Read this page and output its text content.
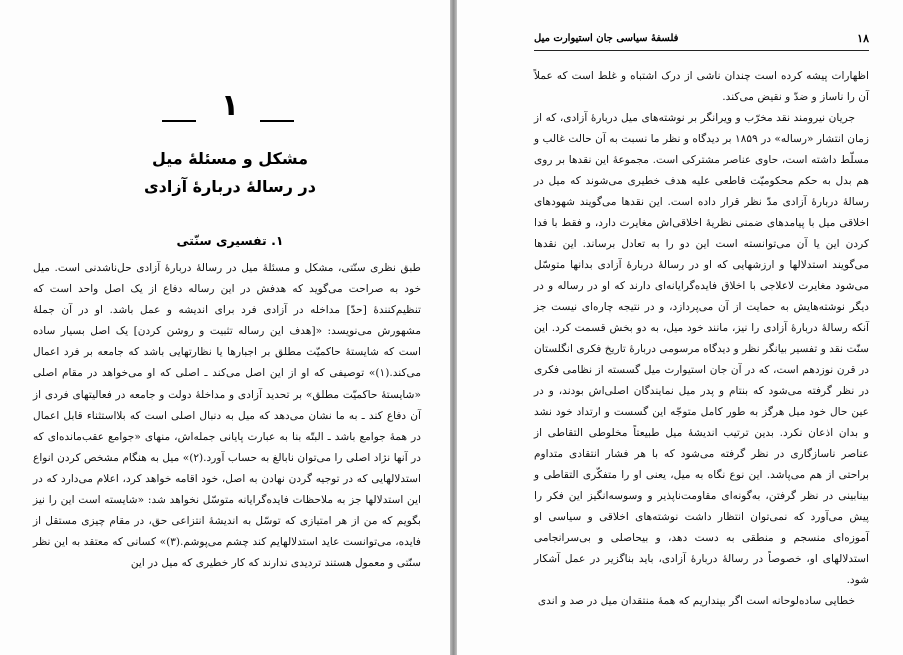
۱
مشکل و مسئلهٔ میل
در رسالهٔ دربارهٔ آزادی
۱. تفسیری سنّتی

طبق نظری سنّتی، مشکل و مسئلهٔ میل در رسالهٔ دربارهٔ آزادی حل‌ناشدنی است. میل خود به صراحت می‌گوید که هدفش در این رساله دفاع از یک اصل واحد است که تنظیم‌کنندهٔ [حدّ] مداخله در آزادی فرد برای اندیشه و عمل باشد. او در آن جملهٔ مشهورش می‌نویسد: «[هدف این رساله تثبیت و روشن کردن] یک اصل بسیار ساده است که شایستهٔ حاکمیّت مطلق بر اجبارها یا نظارتهایی باشد که جامعه بر فرد اعمال می‌کند.(۱)» توصیفی که او از این اصل می‌کند ـ اصلی که او می‌خواهد در مقام اصلی «شایستهٔ حاکمیّت مطلق» بر تحدید آزادی و مداخلهٔ دولت و جامعه در فعالیتهای فردی از آن دفاع کند ـ به ما نشان می‌دهد که میل به دنبال اصلی است که بلااستثناء قابل اعمال در همهٔ جوامع باشد ـ البتّه بنا به عبارت پایانی جمله‌اش، منهای «جوامع عقب‌مانده‌ای که در آنها نژاد اصلی را می‌توان نابالغ به حساب آورد.(۲)» میل به هنگام مشخص کردن انواع استدلالهایی که در توجیه گردن نهادن به اصل، خود اقامه خواهد کرد، اعلام می‌دارد که در این استدلالها جز به ملاحظات فایده‌گرایانه متوسّل نخواهد شد: «شایسته است این را نیز بگویم که من از هر امتیازی که توسّل به اندیشهٔ انتزاعی حق، در مقام چیزی مستقل از فایده، می‌توانست عاید استدلالهایم کند چشم می‌پوشم.(۳)» کسانی که معتقد به این نظر سنّتی و معمول هستند تردیدی ندارند که کار خطیری که میل در این

۱۸
فلسفهٔ سیاسی جان استیوارت میل

اظهارات پیشه کرده است چندان ناشی از درک اشتباه و غلط است که عملاً آن را ناساز و ضدّ و نقیض می‌کند.

جریان نیرومند نقد مخرّب و ویرانگر بر نوشته‌های میل دربارهٔ آزادی، که از زمان انتشار «رساله» در ۱۸۵۹ بر دیدگاه و نظر ما نسبت به آن حالت غالب و مسلّط داشته است، حاوی عناصر مشترکی است. مجموعهٔ این نقدها بر روی هم بدل به حکم محکومیّت قاطعی علیه هدف خطیری می‌شوند که میل در رسالهٔ دربارهٔ آزادی مدّ نظر قرار داده است. این نقدها می‌گویند شهودهای اخلاقی میل با پیامدهای ضمنی نظریهٔ اخلاقی‌اش مغایرت دارد، و فقط با فدا کردن این یا آن می‌توانسته است این دو را به تعادل برساند. این نقدها می‌گویند استدلالها و ارزشهایی که او در رسالهٔ دربارهٔ آزادی بدانها متوسّل می‌شود مغایرت لاعلاجی با اخلاق فایده‌گرایانه‌ای دارند که او در رساله و در دیگر نوشته‌هایش به حمایت از آن می‌پردازد، و در نتیجه چاره‌ای نیست جز آنکه رسالهٔ دربارهٔ آزادی را نیز، مانند خود میل، به دو بخش قسمت کرد. این سنّت نقد و تفسیر بیانگر نظر و دیدگاه مرسومی دربارهٔ تاریخ فکری انگلستان در قرن نوزدهم است، که در آن جان استیوارت میل گسسته از نظامی فکری در نظر گرفته می‌شود که بنتام و پدر میل نمایندگان اصلی‌اش بودند، و در عین حال خود میل هرگز به طور کامل متوجّه این گسست و ارتداد خود نشد و بدان اذعان نکرد. بدین ترتیب اندیشهٔ میل طبیعتاً مخلوطی التقاطی از عناصر ناسازگاری در نظر گرفته می‌شود که با هر فشار انتقادی متداوم براحتی از هم می‌پاشد. این نوع نگاه به میل، یعنی او را متفکّری التقاطی و بینابینی در نظر گرفتن، به‌گونه‌ای مقاومت‌ناپذیر و وسوسه‌انگیز این فکر را پیش می‌آورد که نمی‌توان انتظار داشت نوشته‌های اخلاقی و سیاسی او آموزه‌ای منسجم و منطقی به دست دهد، و بیحاصلی و بی‌سرانجامی استدلالهای او، خصوصاً در رسالهٔ دربارهٔ آزادی، باید بناگزیر در عمل آشکار شود.

خطایی ساده‌لوحانه است اگر بپنداریم که همهٔ منتقدان میل در صد و اندی
